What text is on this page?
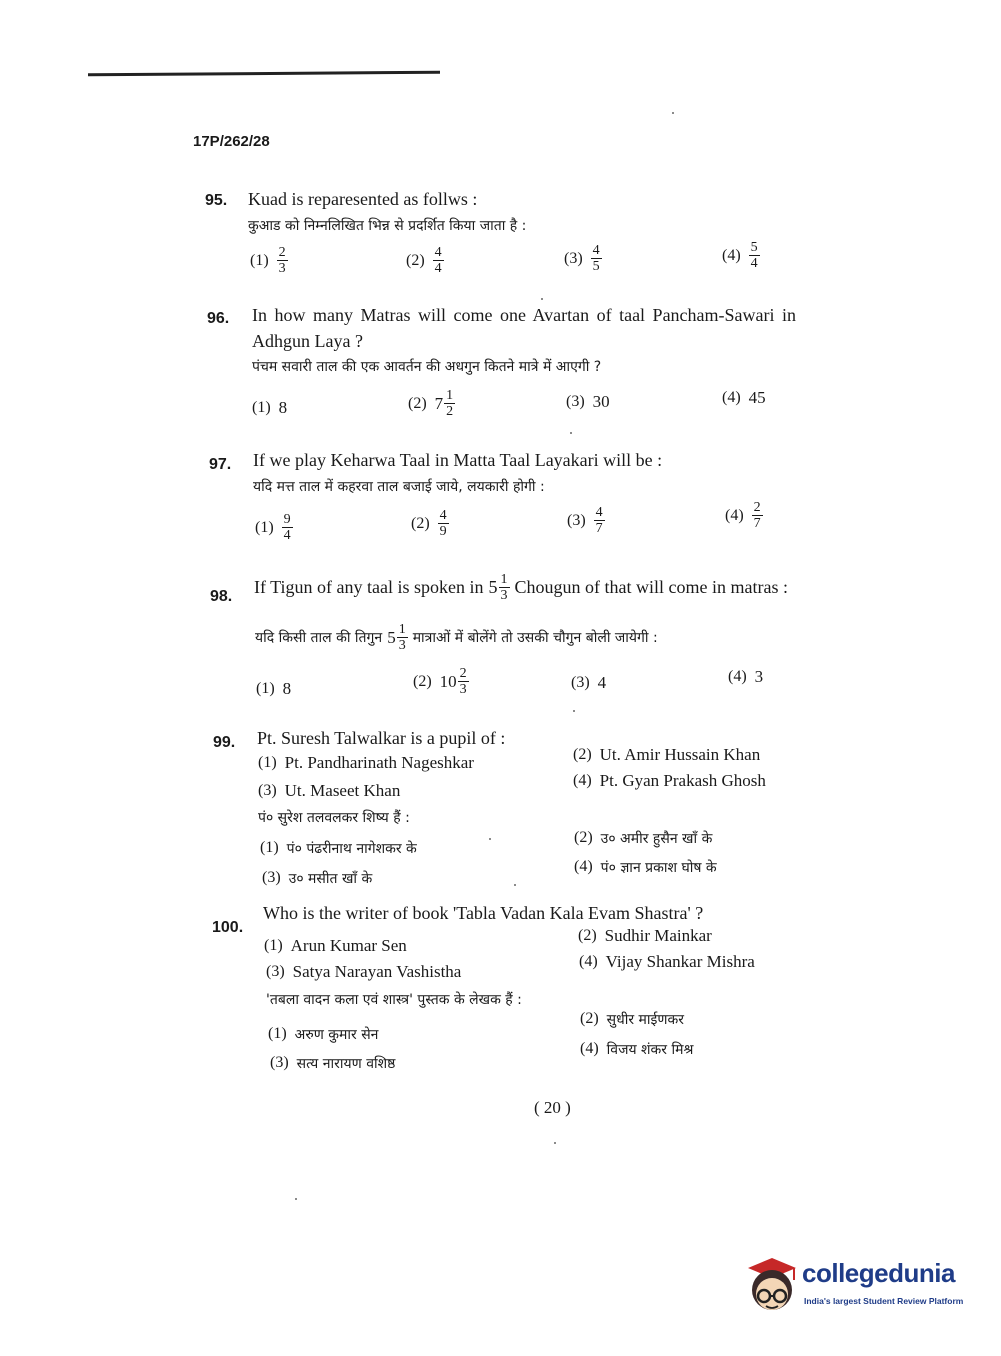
17P/262/28
95. Kuad is reparesented as follws :
कुआड को निम्नलिखित भिन्न से प्रदर्शित किया जाता है :
$(1) \frac{2}{3}$	$(2) \frac{4}{4}$	$(3) \frac{4}{5}$	$(4) \frac{5}{4}$
96. In how many Matras will come one Avartan of taal Pancham-Sawari in
Adhgun Laya ?
पंचम सवारी ताल की एक आवर्तन की अधगुन कितने मात्रे में आएगी ?
(1) 8	(2) $7 \frac{1}{2}$	(3) 30	(4) 45
97. If we play Keharwa Taal in Matta Taal Layakari will be :
यदि मत्त ताल में कहरवा ताल बजाई जाये, लयकारी होगी :
$(1) \frac{9}{4}$	$(2) \frac{4}{9}$	$(3) \frac{4}{7}$	$(4) \frac{2}{7}$
98. If Tigun of any taal is spoken in $5 \frac{1}{3}$ Chougun of that will come in matras :
यदि किसी ताल की तिगुन $5 \frac{1}{3}$ मात्राओं में बोलेंगे तो उसकी चौगुन बोली जायेगी :
(1) 8	(2) $10 \frac{2}{3}$	(3) 4	(4) 3
99. Pt. Suresh Talwalkar is a pupil of :
(1) Pt. Pandharinath Nageshkar	(2) Ut. Amir Hussain Khan
(3) Ut. Maseet Khan
(4) Pt. Gyan Prakash Ghosh
पं० सुरेश तलवलकर शिष्य हैं :
(1) पं० पंढरीनाथ नागेशकर के
(2) उ० अमीर हुसैन खाँ के
(3) उ० मसीत खाँ के
(4) पं० ज्ञान प्रकाश घोष के
100.
Who is the writer of book 'Tabla Vadan Kala Evam Shastra' ?
(1) Arun Kumar Sen
(2) Sudhir Mainkar
(3) Satya Narayan Vashistha
(4) Vijay Shankar Mishra
'तबला वादन कला एवं शास्त्र' पुस्तक के लेखक हैं :
(1) अरुण कुमार सेन
(2) सुधीर माईणकर
(3) सत्य नारायण वशिष्ठ
(4) विजय शंकर मिश्र
( 20 )
collegedunia
India's largest Student Review Platform
